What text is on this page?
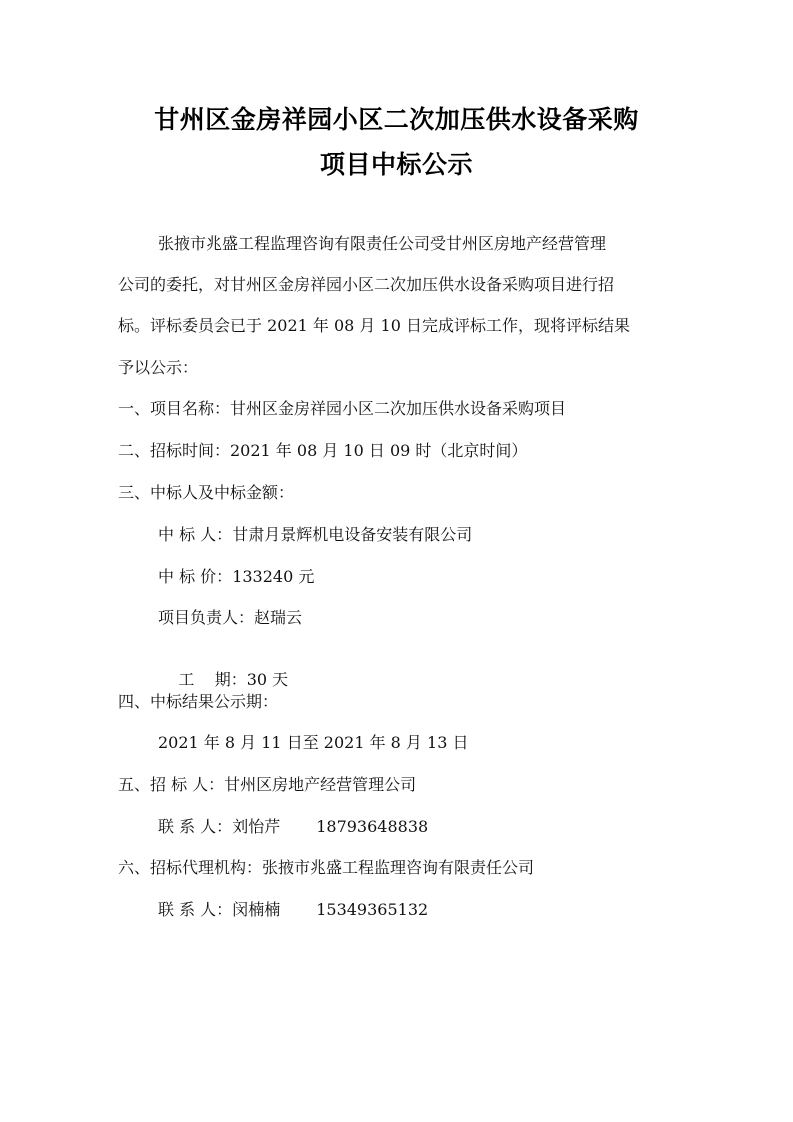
甘州区金房祥园小区二次加压供水设备采购
项目中标公示
张掖市兆盛工程监理咨询有限责任公司受甘州区房地产经营管理
公司的委托，对甘州区金房祥园小区二次加压供水设备采购项目进行招
标。评标委员会已于 2021 年 08 月 10 日完成评标工作，现将评标结果
予以公示：
一、项目名称：甘州区金房祥园小区二次加压供水设备采购项目
二、招标时间：2021 年 08 月 10 日 09 时（北京时间）
三、中标人及中标金额：
中 标 人：甘肃月景辉机电设备安装有限公司
中 标 价：133240 元
项目负责人：赵瑞云

工    期：30 天

四、中标结果公示期：
2021 年 8 月 11 日至 2021 年 8 月 13 日
五、招 标 人：甘州区房地产经营管理公司
联 系 人：刘怡芹 18793648838
六、招标代理机构：张掖市兆盛工程监理咨询有限责任公司
联 系 人：闵楠楠 15349365132
